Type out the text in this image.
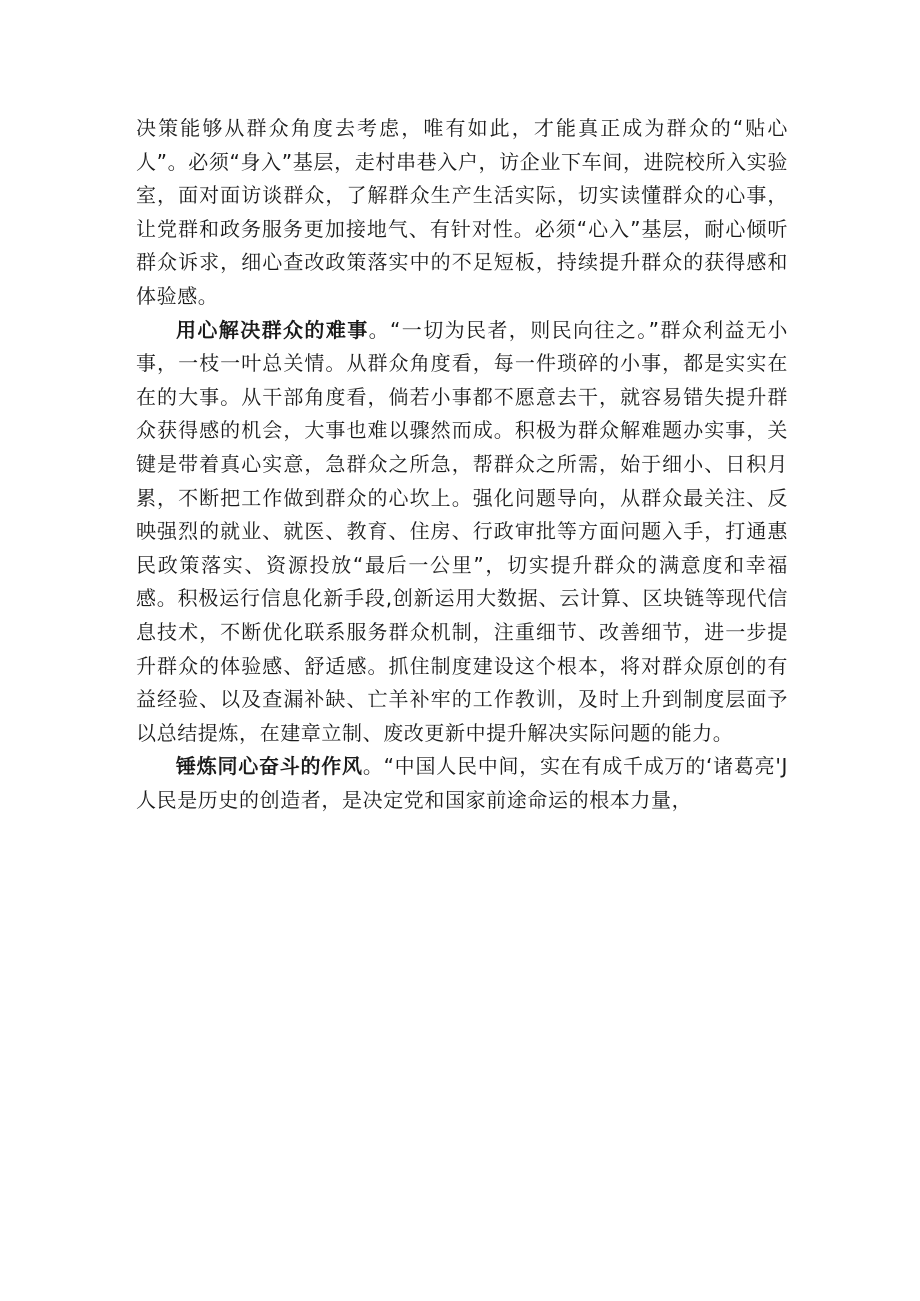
决策能够从群众角度去考虑，唯有如此，才能真正成为群众的“贴心人”。必须“身入”基层，走村串巷入户，访企业下车间，进院校所入实验室，面对面访谈群众，了解群众生产生活实际，切实读懂群众的心事，让党群和政务服务更加接地气、有针对性。必须“心入”基层，耐心倾听群众诉求，细心查改政策落实中的不足短板，持续提升群众的获得感和体验感。

用心解决群众的难事。“一切为民者，则民向往之。”群众利益无小事，一枝一叶总关情。从群众角度看，每一件琐碎的小事，都是实实在在的大事。从干部角度看，倘若小事都不愿意去干，就容易错失提升群众获得感的机会，大事也难以骤然而成。积极为群众解难题办实事，关键是带着真心实意，急群众之所急，帮群众之所需，始于细小、日积月累，不断把工作做到群众的心坎上。强化问题导向，从群众最关注、反映强烈的就业、就医、教育、住房、行政审批等方面问题入手，打通惠民政策落实、资源投放“最后一公里”，切实提升群众的满意度和幸福感。积极运行信息化新手段,创新运用大数据、云计算、区块链等现代信息技术，不断优化联系服务群众机制，注重细节、改善细节，进一步提升群众的体验感、舒适感。抓住制度建设这个根本，将对群众原创的有益经验、以及查漏补缺、亡羊补牢的工作教训，及时上升到制度层面予以总结提炼，在建章立制、废改更新中提升解决实际问题的能力。

锤炼同心奋斗的作风。“中国人民中间，实在有成千成万的‘诸葛亮'J人民是历史的创造者，是决定党和国家前途命运的根本力量，
